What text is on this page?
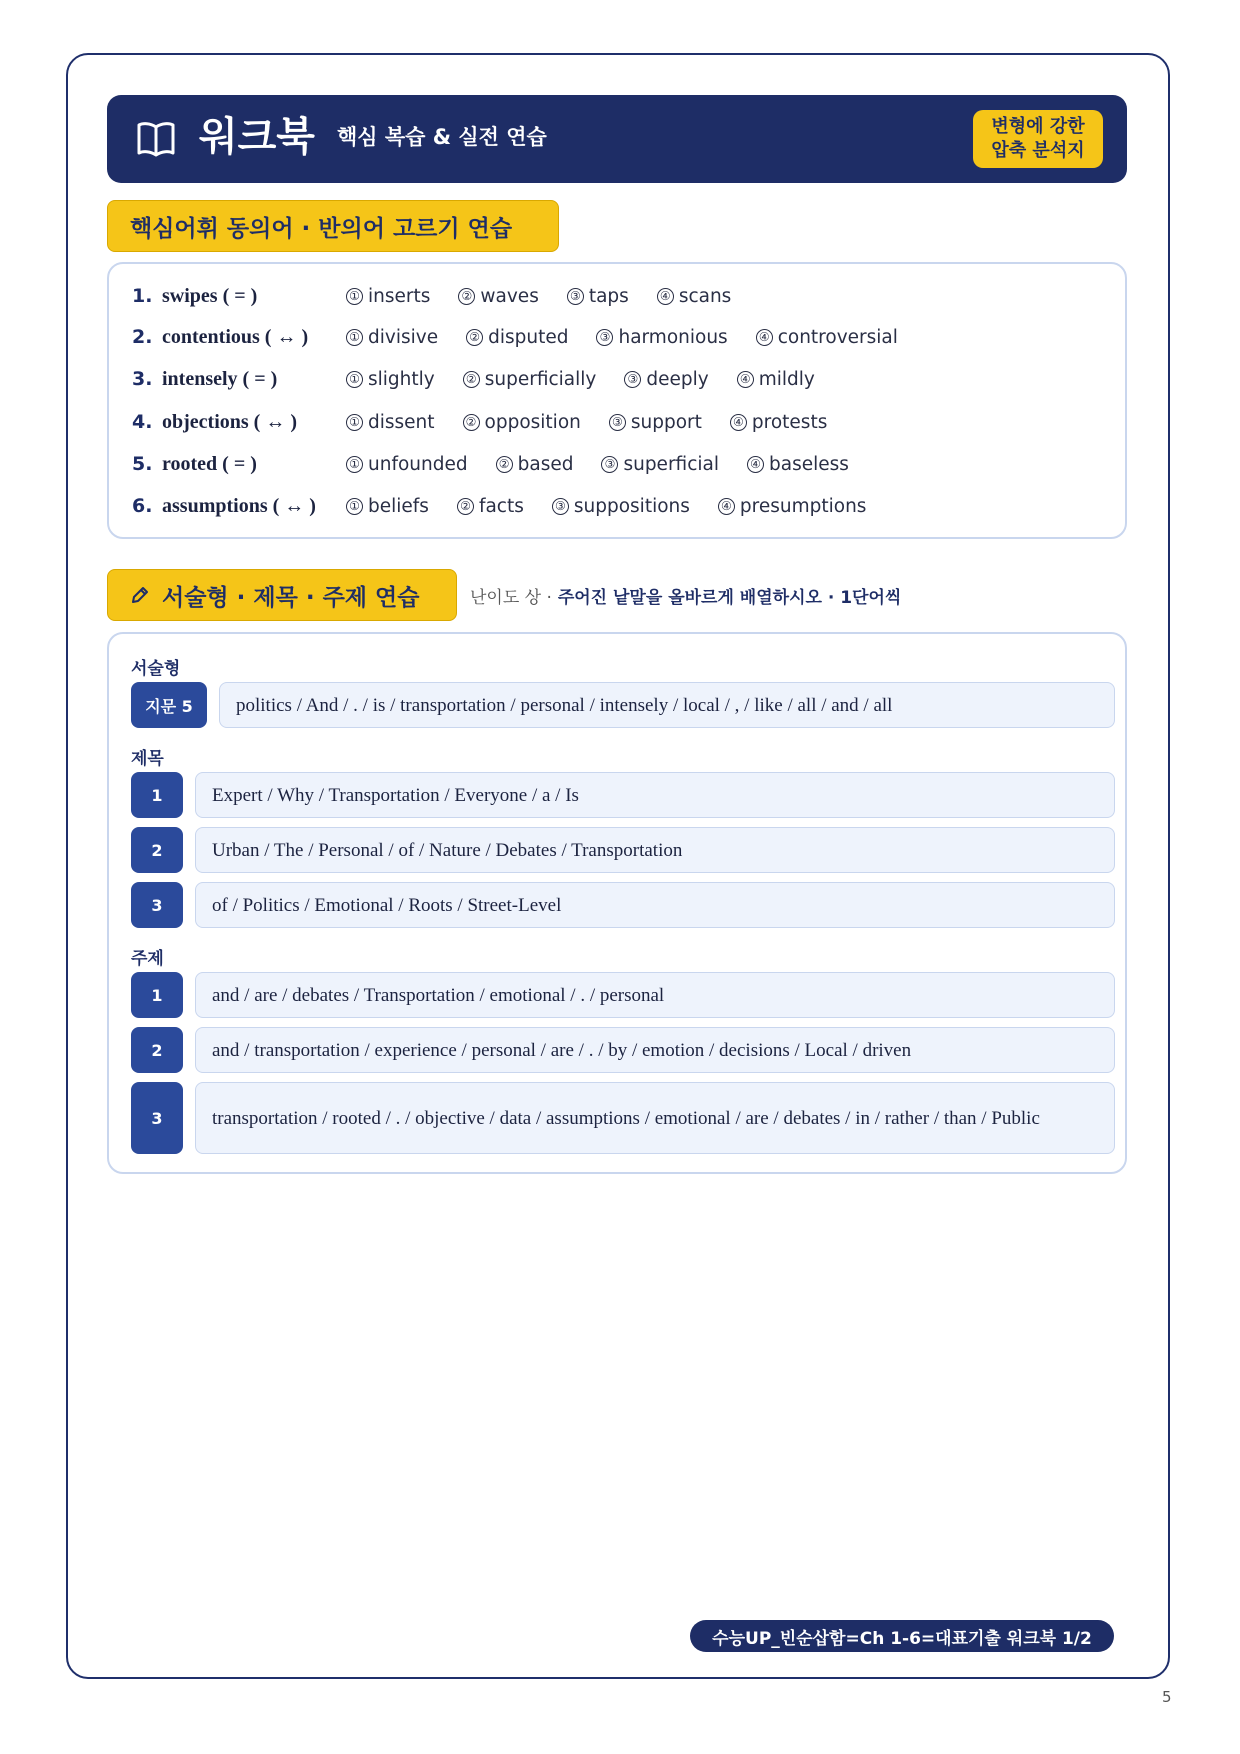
워크북 핵심 복습 & 실전 연습	변형에 강한
압축 분석지
핵심어휘 동의어 · 반의어 고르기 연습
1. swipes ( = )	① inserts	② waves	③ taps	④ scans
2. contentious ( ↔ )	① divisive	② disputed	③ harmonious	④ controversial
3. intensely ( = )	① slightly	② superficially	③ deeply	④ mildly
4. objections ( ↔ )	① dissent	② opposition	③ support	④ protests
5. rooted ( = )	① unfounded	② based	③ superficial	④ baseless
6. assumptions ( ↔ )	① beliefs	② facts	③ suppositions	④ presumptions
서술형 · 제목 · 주제 연습	난이도 상 · 주어진 낱말을 올바르게 배열하시오 · 1단어씩
서술형
지문 5	politics / And / . / is / transportation / personal / intensely / local / , / like / all / and / all
제목
1	Expert / Why / Transportation / Everyone / a / Is
2	Urban / The / Personal / of / Nature / Debates / Transportation
3	of / Politics / Emotional / Roots / Street-Level
주제
1	and / are / debates / Transportation / emotional / . / personal
2	and / transportation / experience / personal / are / . / by / emotion / decisions / Local / driven
3	transportation / rooted / . / objective / data / assumptions / emotional / are / debates / in / rather / than / Public
수능UP_빈순삽함=Ch 1-6=대표기출 워크북 1/2
5
